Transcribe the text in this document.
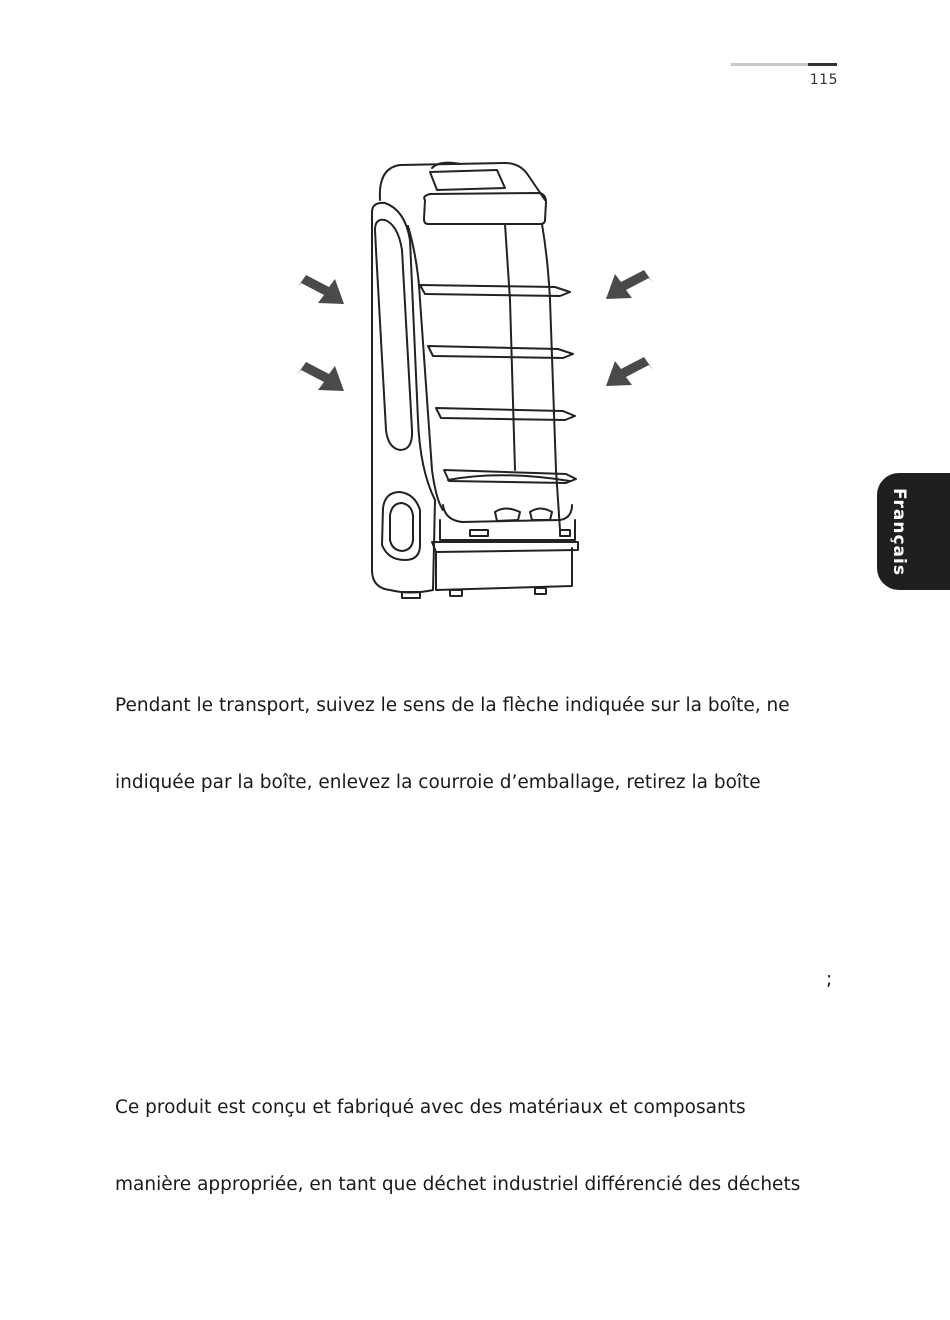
115
Français
Pendant le transport, suivez le sens de la flèche indiquée sur la boîte, ne
indiquée par la boîte, enlevez la courroie d’emballage, retirez la boîte
;
Ce produit est conçu et fabriqué avec des matériaux et composants
manière appropriée, en tant que déchet industriel différencié des déchets
